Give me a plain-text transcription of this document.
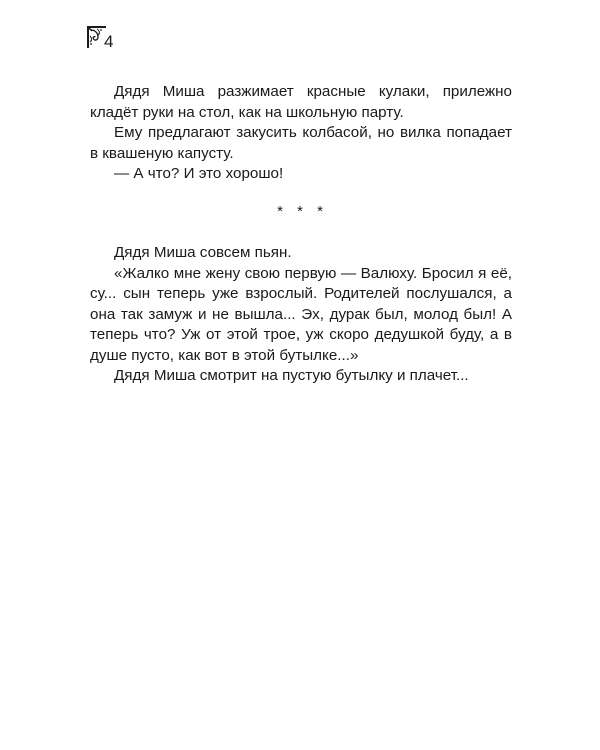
4

Дядя Миша разжимает красные кулаки, прилежно кладёт руки на стол, как на школьную парту.

Ему предлагают закусить колбасой, но вилка попадает в квашеную капусту.

— А что? И это хорошо!

* * *

Дядя Миша совсем пьян.

«Жалко мне жену свою первую — Валюху. Бросил я её, су... сын теперь уже взрослый. Родителей послушался, а она так замуж и не вышла... Эх, дурак был, молод был! А теперь что? Уж от этой трое, уж скоро дедушкой буду, а в душе пусто, как вот в этой бутылке...»

Дядя Миша смотрит на пустую бутылку и плачет...
